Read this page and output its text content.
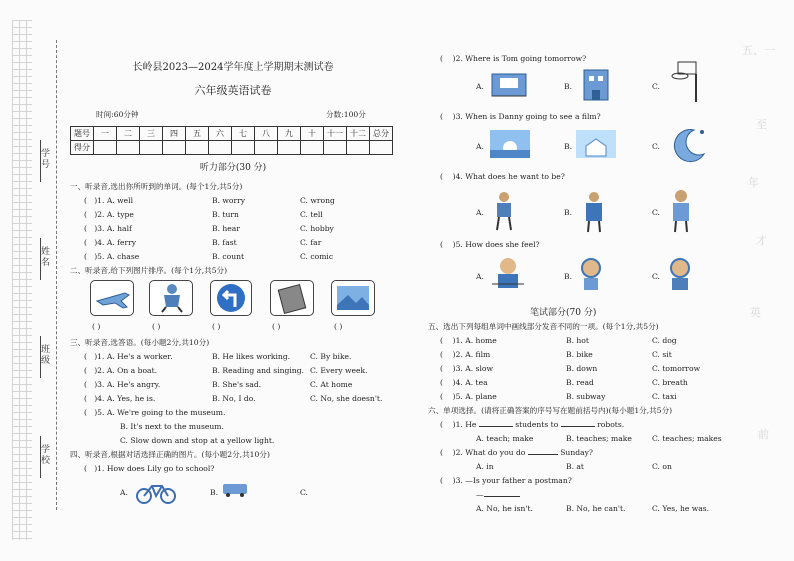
学号
姓名
班级
学校
长岭县2023—2024学年度上学期期末测试卷
六年级英语试卷
时间:60分钟	分数:100分
题号	一	二	三	四	五	六	七	八	九	十	十一	十二	总分
得分													
听力部分(30 分)
一、听录音,选出你所听到的单词。(每个1分,共5分)
( )1. A. well	B. worry	C. wrong
( )2. A. type	B. turn	C. tell
( )3. A. half	B. hear	C. hobby
( )4. A. ferry	B. fast	C. far
( )5. A. chase	B. count	C. comic
二、听录音,给下列图片排序。(每个1分,共5分)
( )	( )	( )	( )	( )
三、听录音,选答语。(每小题2分,共10分)
( )1. A. He's a worker.	B. He likes working.	C. By bike.
( )2. A. On a boat.	B. Reading and singing. C. Every week.
( )3. A. He's angry.	B. She's sad.	C. At home
( )4. A. Yes, he is.	B. No, I do.	C. No, she doesn't.
( )5. A. We're going to the museum.
B. It's next to the museum.
C. Slow down and stop at a yellow light.
四、听录音,根据对话选择正确的图片。(每小题2分,共10分)
( )1. How does Lily go to school?
A.	B.	C.
( )2. Where is Tom going tomorrow?
A.	B.	C.
( )3. When is Danny going to see a film?
A.	B.	C.
( )4. What does he want to be?
A.	B.	C.
( )5. How does she feel?
A.	B.	C.
笔试部分(70 分)
五、选出下列每组单词中画线部分发音不同的一项。(每个1分,共5分)
( )1. A. home	B. hot	C. dog
( )2. A. film	B. bike	C. sit
( )3. A. slow	B. down	C. tomorrow
( )4. A. tea	B. read	C. breath
( )5. A. plane	B. subway	C. taxi
六、单项选择。(请将正确答案的序号写在题前括号内)(每小题1分,共5分)
( )1. He	students to	robots.
A. teach; make	B. teaches; make	C. teaches; makes
( )2. What do you do	Sunday?
A. in	B. at	C. on
( )3. —Is your father a postman?
—
A. No, he isn't.	B. No, he can't.	C. Yes, he was.
五、一
至
年
才
英
前
